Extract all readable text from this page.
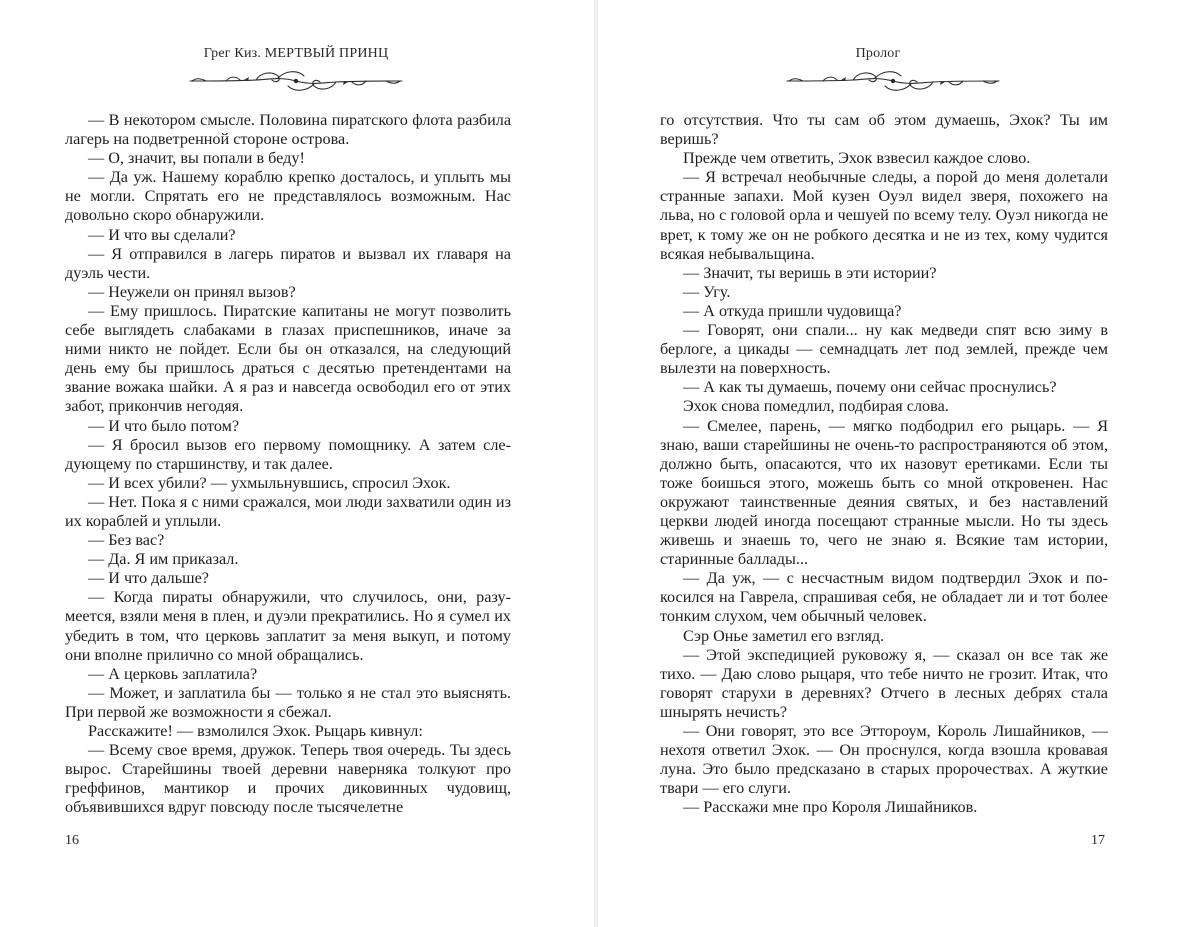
Грег Киз. МЕРТВЫЙ ПРИНЦ

— В некотором смысле. Половина пиратского флота разбила лагерь на подветренной стороне острова.

— О, значит, вы попали в беду!

— Да уж. Нашему кораблю крепко досталось, и уплыть мы не могли. Спрятать его не представлялось возможным. Нас довольно скоро обнаружили.

— И что вы сделали?

— Я отправился в лагерь пиратов и вызвал их главаря на дуэль чести.

— Неужели он принял вызов?

— Ему пришлось. Пиратские капитаны не могут позволить себе выглядеть слабаками в глазах приспешников, иначе за ними никто не пойдет. Если бы он отказался, на следующий день ему бы пришлось драться с десятью претендентами на звание вожака шайки. А я раз и навсегда освободил его от этих забот, прикончив негодяя.

— И что было потом?

— Я бросил вызов его первому помощнику. А затем следующему по старшинству, и так далее.

— И всех убили? — ухмыльнувшись, спросил Эхок.

— Нет. Пока я с ними сражался, мои люди захватили один из их кораблей и уплыли.

— Без вас?

— Да. Я им приказал.

— И что дальше?

— Когда пираты обнаружили, что случилось, они, разумеется, взяли меня в плен, и дуэли прекратились. Но я сумел их убедить в том, что церковь заплатит за меня выкуп, и потому они вполне прилично со мной обращались.

— А церковь заплатила?

— Может, и заплатила бы — только я не стал это выяснять. При первой же возможности я сбежал.

Расскажите! — взмолился Эхок. Рыцарь кивнул:

— Всему свое время, дружок. Теперь твоя очередь. Ты здесь вырос. Старейшины твоей деревни наверняка толкуют про греффинов, мантикор и прочих диковинных чудовищ, объявившихся вдруг повсюду после тысячелетне

16
Пролог

го отсутствия. Что ты сам об этом думаешь, Эхок? Ты им веришь?

Прежде чем ответить, Эхок взвесил каждое слово.

— Я встречал необычные следы, а порой до меня долетали странные запахи. Мой кузен Оуэл видел зверя, похожего на льва, но с головой орла и чешуей по всему телу. Оуэл никогда не врет, к тому же он не робкого десятка и не из тех, кому чудится всякая небывальщина.

— Значит, ты веришь в эти истории?

— Угу.

— А откуда пришли чудовища?

— Говорят, они спали... ну как медведи спят всю зиму в берлоге, а цикады — семнадцать лет под землей, прежде чем вылезти на поверхность.

— А как ты думаешь, почему они сейчас проснулись?

Эхок снова помедлил, подбирая слова.

— Смелее, парень, — мягко подбодрил его рыцарь. — Я знаю, ваши старейшины не очень-то распространяются об этом, должно быть, опасаются, что их назовут еретиками. Если ты тоже боишься этого, можешь быть со мной откровенен. Нас окружают таинственные деяния святых, и без наставлений церкви людей иногда посещают странные мысли. Но ты здесь живешь и знаешь то, чего не знаю я. Всякие там истории, старинные баллады...

— Да уж, — с несчастным видом подтвердил Эхок и покосился на Гаврела, спрашивая себя, не обладает ли и тот более тонким слухом, чем обычный человек.

Сэр Онье заметил его взгляд.

— Этой экспедицией руковожу я, — сказал он все так же тихо. — Даю слово рыцаря, что тебе ничто не грозит. Итак, что говорят старухи в деревнях? Отчего в лесных дебрях стала шнырять нечисть?

— Они говорят, это все Эттороум, Король Лишайников, — нехотя ответил Эхок. — Он проснулся, когда взошла кровавая луна. Это было предсказано в старых пророчествах. А жуткие твари — его слуги.

— Расскажи мне про Короля Лишайников.

17
